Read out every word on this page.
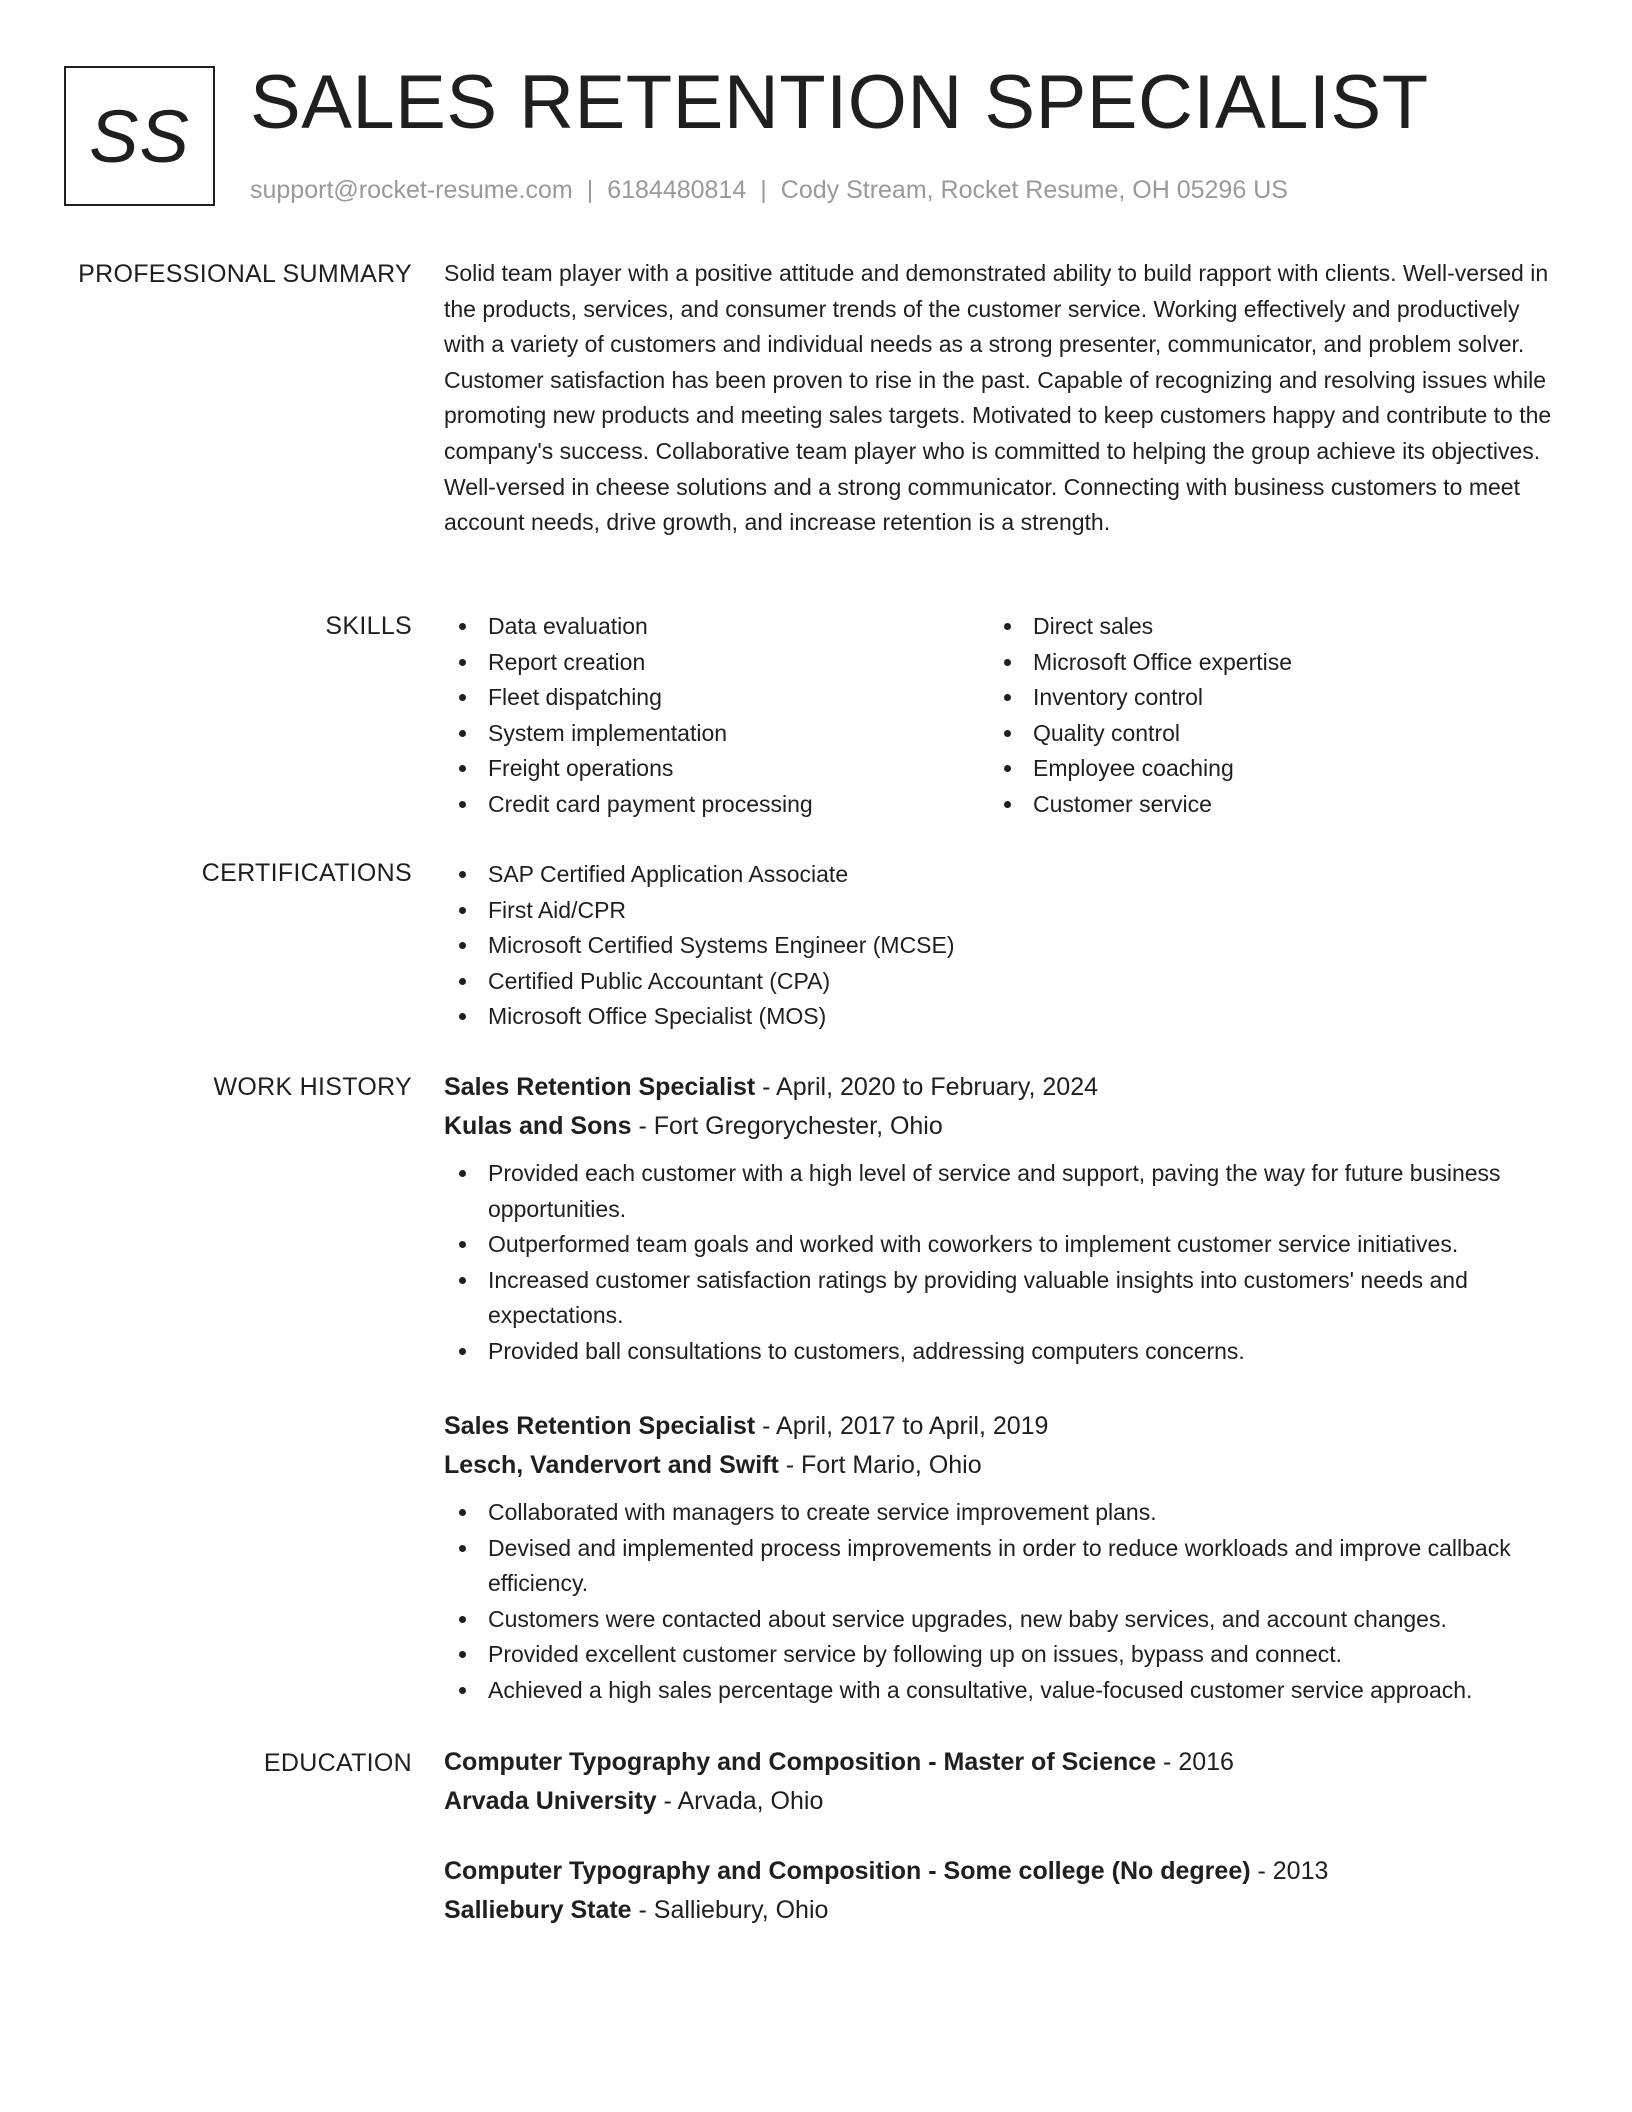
SS SALES RETENTION SPECIALIST
support@rocket-resume.com | 6184480814 | Cody Stream, Rocket Resume, OH 05296 US
PROFESSIONAL SUMMARY Solid team player with a positive attitude and demonstrated ability to build rapport with clients. Well-versed in the products, services, and consumer trends of the customer service. Working effectively and productively with a variety of customers and individual needs as a strong presenter, communicator, and problem solver. Customer satisfaction has been proven to rise in the past. Capable of recognizing and resolving issues while promoting new products and meeting sales targets. Motivated to keep customers happy and contribute to the company's success. Collaborative team player who is committed to helping the group achieve its objectives. Well-versed in cheese solutions and a strong communicator. Connecting with business customers to meet account needs, drive growth, and increase retention is a strength.

SKILLS	Data evaluation
Report creation
Fleet dispatching
System implementation
Freight operations
Credit card payment processing
Direct sales
Microsoft Office expertise
Inventory control
Quality control
Employee coaching
Customer service
CERTIFICATIONS	SAP Certified Application Associate
First Aid/CPR
Microsoft Certified Systems Engineer (MCSE)
Certified Public Accountant (CPA)
Microsoft Office Specialist (MOS)
WORK HISTORY Sales Retention Specialist - April, 2020 to February, 2024
Kulas and Sons - Fort Gregorychester, Ohio
Provided each customer with a high level of service and support, paving the way for future business opportunities.
Outperformed team goals and worked with coworkers to implement customer service initiatives.
Increased customer satisfaction ratings by providing valuable insights into customers' needs and expectations.
Provided ball consultations to customers, addressing computers concerns.
Sales Retention Specialist - April, 2017 to April, 2019
Lesch, Vandervort and Swift - Fort Mario, Ohio
Collaborated with managers to create service improvement plans.
Devised and implemented process improvements in order to reduce workloads and improve callback efficiency.
Customers were contacted about service upgrades, new baby services, and account changes.
Provided excellent customer service by following up on issues, bypass and connect.
Achieved a high sales percentage with a consultative, value-focused customer service approach.
EDUCATION Computer Typography and Composition - Master of Science - 2016
Arvada University - Arvada, Ohio
Computer Typography and Composition - Some college (No degree) - 2013
Salliebury State - Salliebury, Ohio
